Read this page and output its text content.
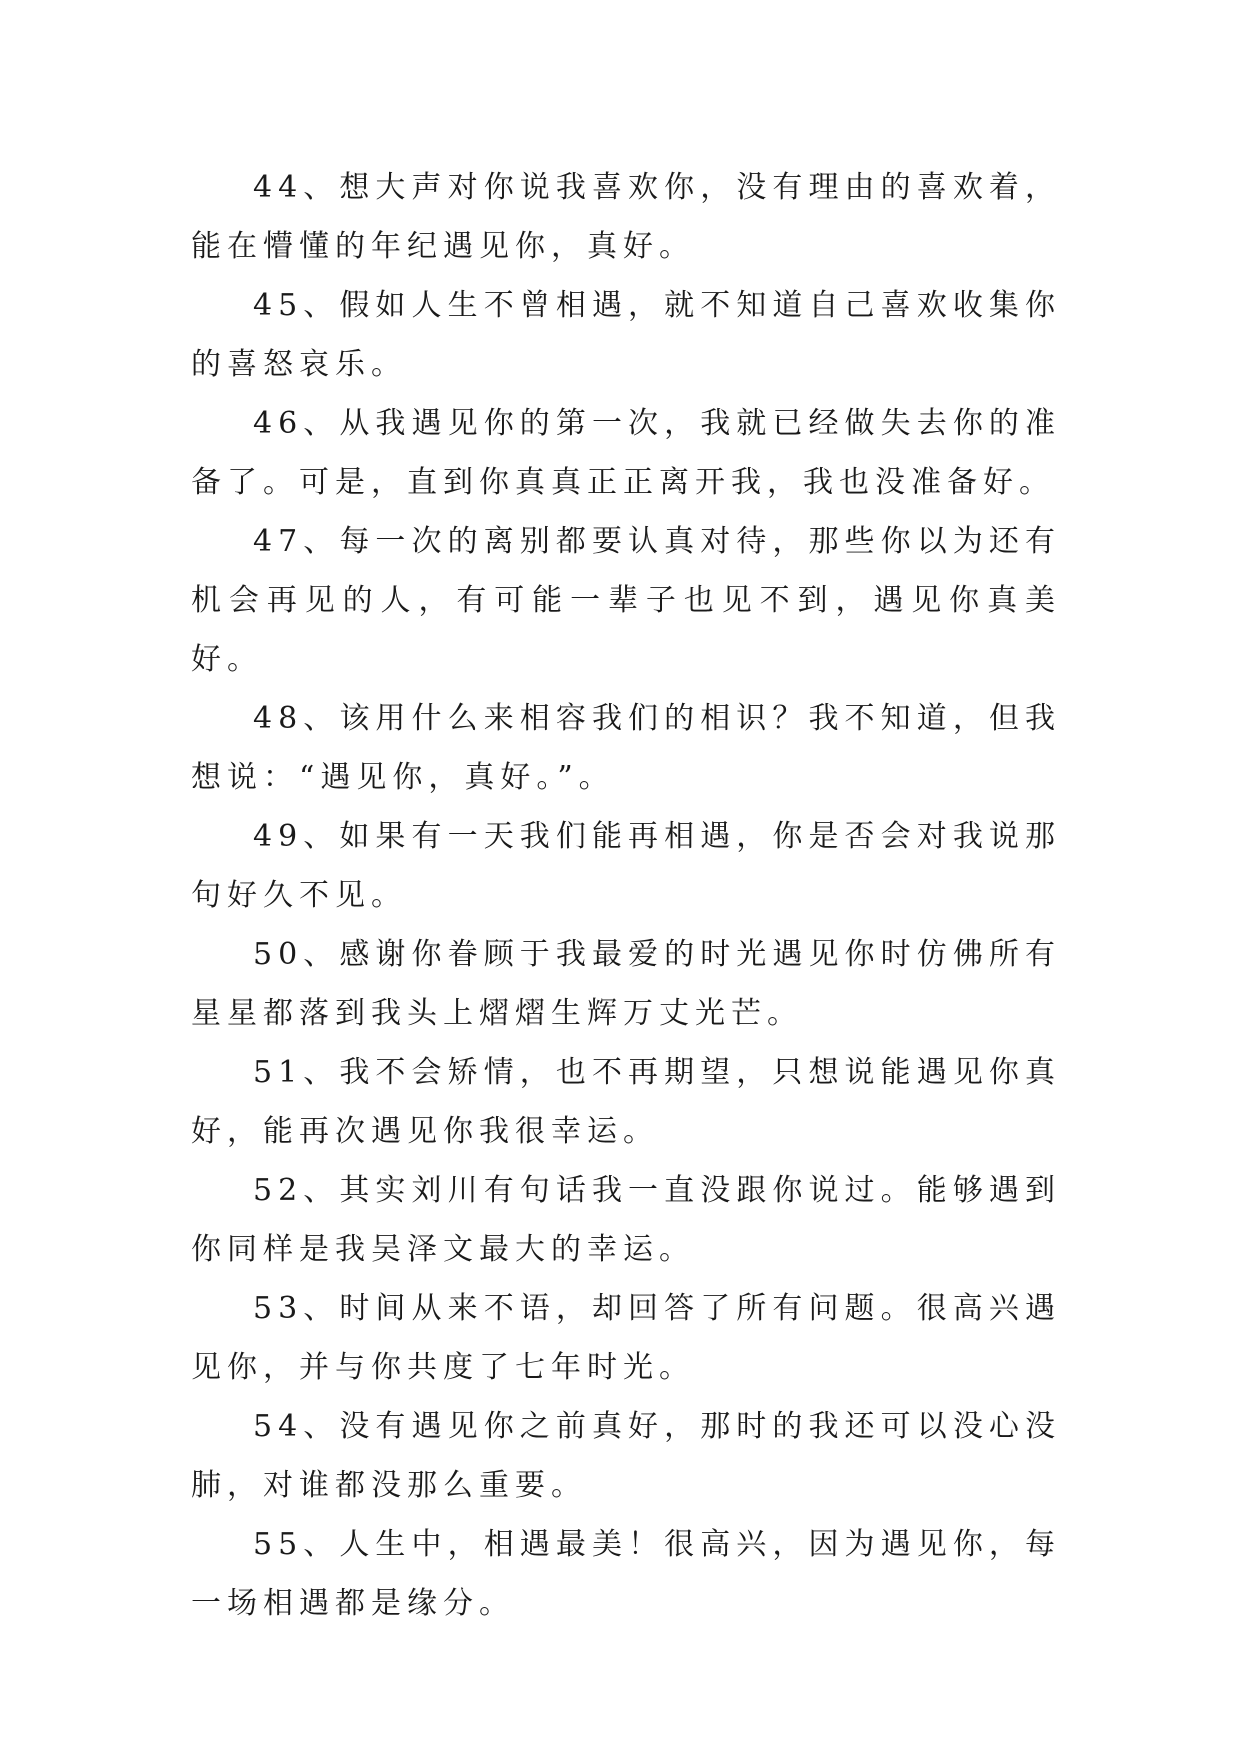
44、想大声对你说我喜欢你，没有理由的喜欢着，能在懵懂的年纪遇见你，真好。

45、假如人生不曾相遇，就不知道自己喜欢收集你的喜怒哀乐。

46、从我遇见你的第一次，我就已经做失去你的准备了。可是，直到你真真正正离开我，我也没准备好。

47、每一次的离别都要认真对待，那些你以为还有机会再见的人，有可能一辈子也见不到，遇见你真美好。

48、该用什么来相容我们的相识？我不知道，但我想说：“遇见你，真好。”。

49、如果有一天我们能再相遇，你是否会对我说那句好久不见。

50、感谢你眷顾于我最爱的时光遇见你时仿佛所有星星都落到我头上熠熠生辉万丈光芒。

51、我不会矫情，也不再期望，只想说能遇见你真好，能再次遇见你我很幸运。

52、其实刘川有句话我一直没跟你说过。能够遇到你同样是我吴泽文最大的幸运。

53、时间从来不语，却回答了所有问题。很高兴遇见你，并与你共度了七年时光。

54、没有遇见你之前真好，那时的我还可以没心没肺，对谁都没那么重要。

55、人生中，相遇最美！很高兴，因为遇见你，每一场相遇都是缘分。
